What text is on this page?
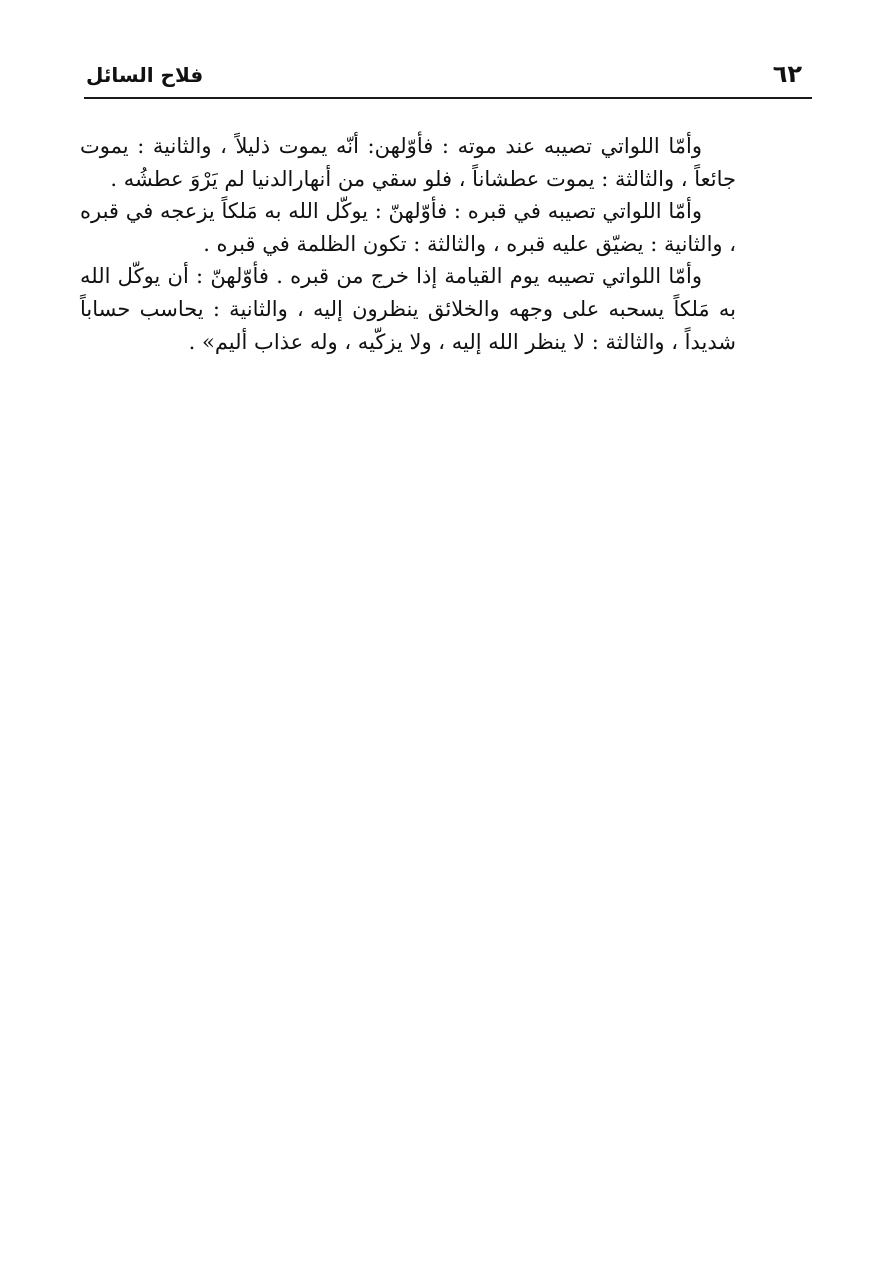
٦٢
فلاح السائل

وأمّا اللواتي تصيبه عند موته : فأوّلهن: أنّه يموت ذليلاً ، والثانية : يموت جائعاً ، والثالثة : يموت عطشاناً ، فلو سقي من أنهارالدنيا لم يَرْوَ عطشُه .

وأمّا اللواتي تصيبه في قبره : فأوّلهنّ : يوكّل الله به مَلكاً يزعجه في قبره ، والثانية : يضيّق عليه قبره ، والثالثة : تكون الظلمة في قبره .

وأمّا اللواتي تصيبه يوم القيامة إذا خرج من قبره . فأوّلهنّ : أن يوكّل الله به مَلكاً يسحبه على وجهه والخلائق ينظرون إليه ، والثانية : يحاسب حساباً شديداً ، والثالثة : لا ينظر الله إليه ، ولا يزكّيه ، وله عذاب أليم» .
